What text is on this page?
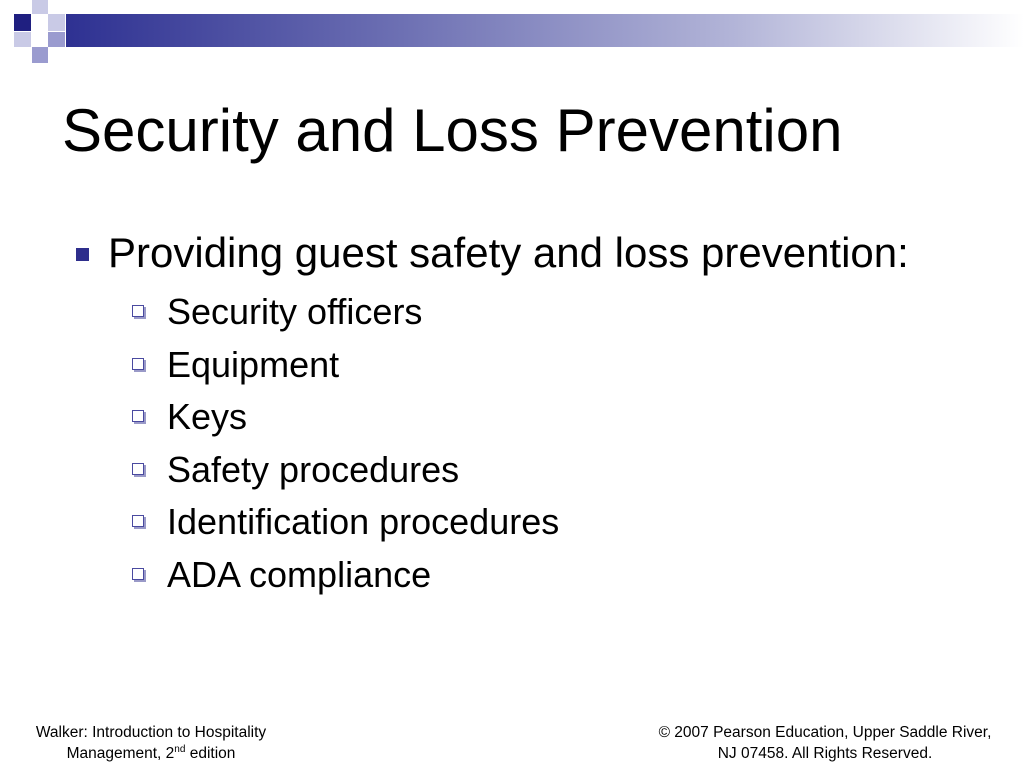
Security and Loss Prevention
Providing guest safety and loss prevention:
Security officers
Equipment
Keys
Safety procedures
Identification procedures
ADA compliance
Walker: Introduction to Hospitality
Management, 2nd edition
© 2007 Pearson Education, Upper Saddle River,
NJ 07458. All Rights Reserved.
